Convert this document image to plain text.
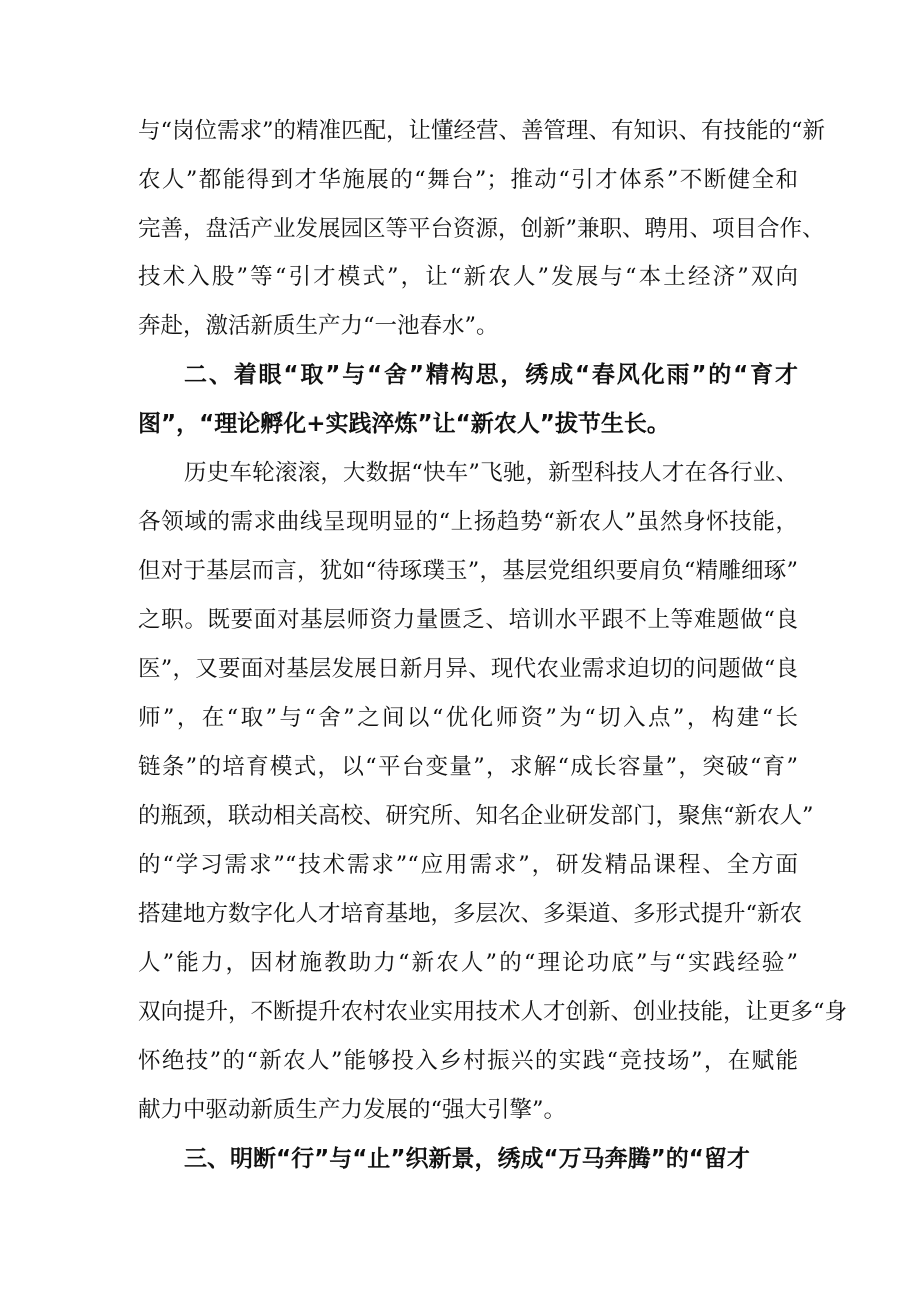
与“岗位需求”的精准匹配，让懂经营、善管理、有知识、有技能的“新
农人”都能得到才华施展的“舞台”；推动“引才体系”不断健全和
完善，盘活产业发展园区等平台资源，创新”兼职、聘用、项目合作、
技术入股”等“引才模式”，让“新农人”发展与“本土经济”双向
奔赴，激活新质生产力“一池春水”。
二、着眼“取”与“舍”精构思，绣成“春风化雨”的“育才
图”，“理论孵化+实践淬炼”让“新农人”拔节生长。
历史车轮滚滚，大数据“快车”飞驰，新型科技人才在各行业、
各领域的需求曲线呈现明显的“上扬趋势“新农人”虽然身怀技能，
但对于基层而言，犹如“待琢璞玉”，基层党组织要肩负“精雕细琢”
之职。既要面对基层师资力量匮乏、培训水平跟不上等难题做“良
医”，又要面对基层发展日新月异、现代农业需求迫切的问题做“良
师”，在“取”与“舍”之间以“优化师资”为“切入点”，构建“长
链条”的培育模式，以“平台变量”，求解“成长容量”，突破“育”
的瓶颈，联动相关高校、研究所、知名企业研发部门，聚焦“新农人”
的“学习需求”“技术需求”“应用需求”，研发精品课程、全方面
搭建地方数字化人才培育基地，多层次、多渠道、多形式提升“新农
人”能力，因材施教助力“新农人”的“理论功底”与“实践经验”
双向提升，不断提升农村农业实用技术人才创新、创业技能，让更多“身
怀绝技”的“新农人”能够投入乡村振兴的实践“竞技场”，在赋能
献力中驱动新质生产力发展的“强大引擎”。
三、明断“行”与“止”织新景，绣成“万马奔腾”的“留才
